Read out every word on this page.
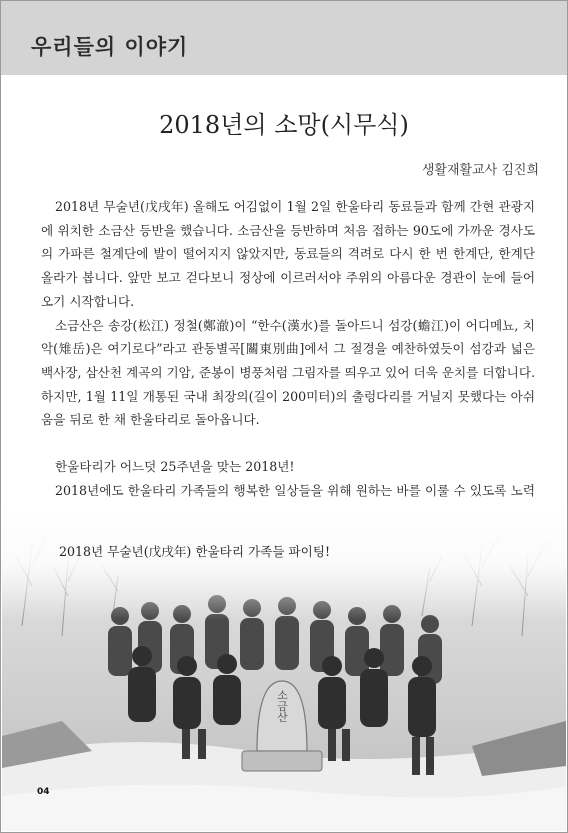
우리들의 이야기
2018년의 소망(시무식)
생활재활교사 김진희

2018년 무술년(戊戌年) 올해도 어김없이 1월 2일 한울타리 동료들과 함께 간현 관광지에 위치한 소금산 등반을 했습니다. 소금산을 등반하며 처음 접하는 90도에 가까운 경사도의 가파른 철계단에 발이 떨어지지 않았지만, 동료들의 격려로 다시 한 번 한계단, 한계단 올라가 봅니다. 앞만 보고 걷다보니 정상에 이르러서야 주위의 아름다운 경관이 눈에 들어오기 시작합니다.

소금산은 송강(松江) 정철(鄭澈)이 “한수(漢水)를 돌아드니 섬강(蟾江)이 어디메뇨, 치악(雉岳)은 여기로다”라고 관동별곡[關東別曲]에서 그 절경을 예찬하였듯이 섬강과 넓은 백사장, 삼산천 계곡의 기암, 준봉이 병풍처럼 그림자를 띄우고 있어 더욱 운치를 더합니다. 하지만, 1월 11일 개통된 국내 최장의(길이 200미터)의 출렁다리를 거닐지 못했다는 아쉬움을 뒤로 한 채 한울타리로 돌아옵니다.

한울타리가 어느덧 25주년을 맞는 2018년!

2018년에도 한울타리 가족들의 행복한 일상들을 위해 원하는 바를 이룰 수 있도록 노력

2018년 무술년(戊戌年) 한울타리 가족들 파이팅!
04
